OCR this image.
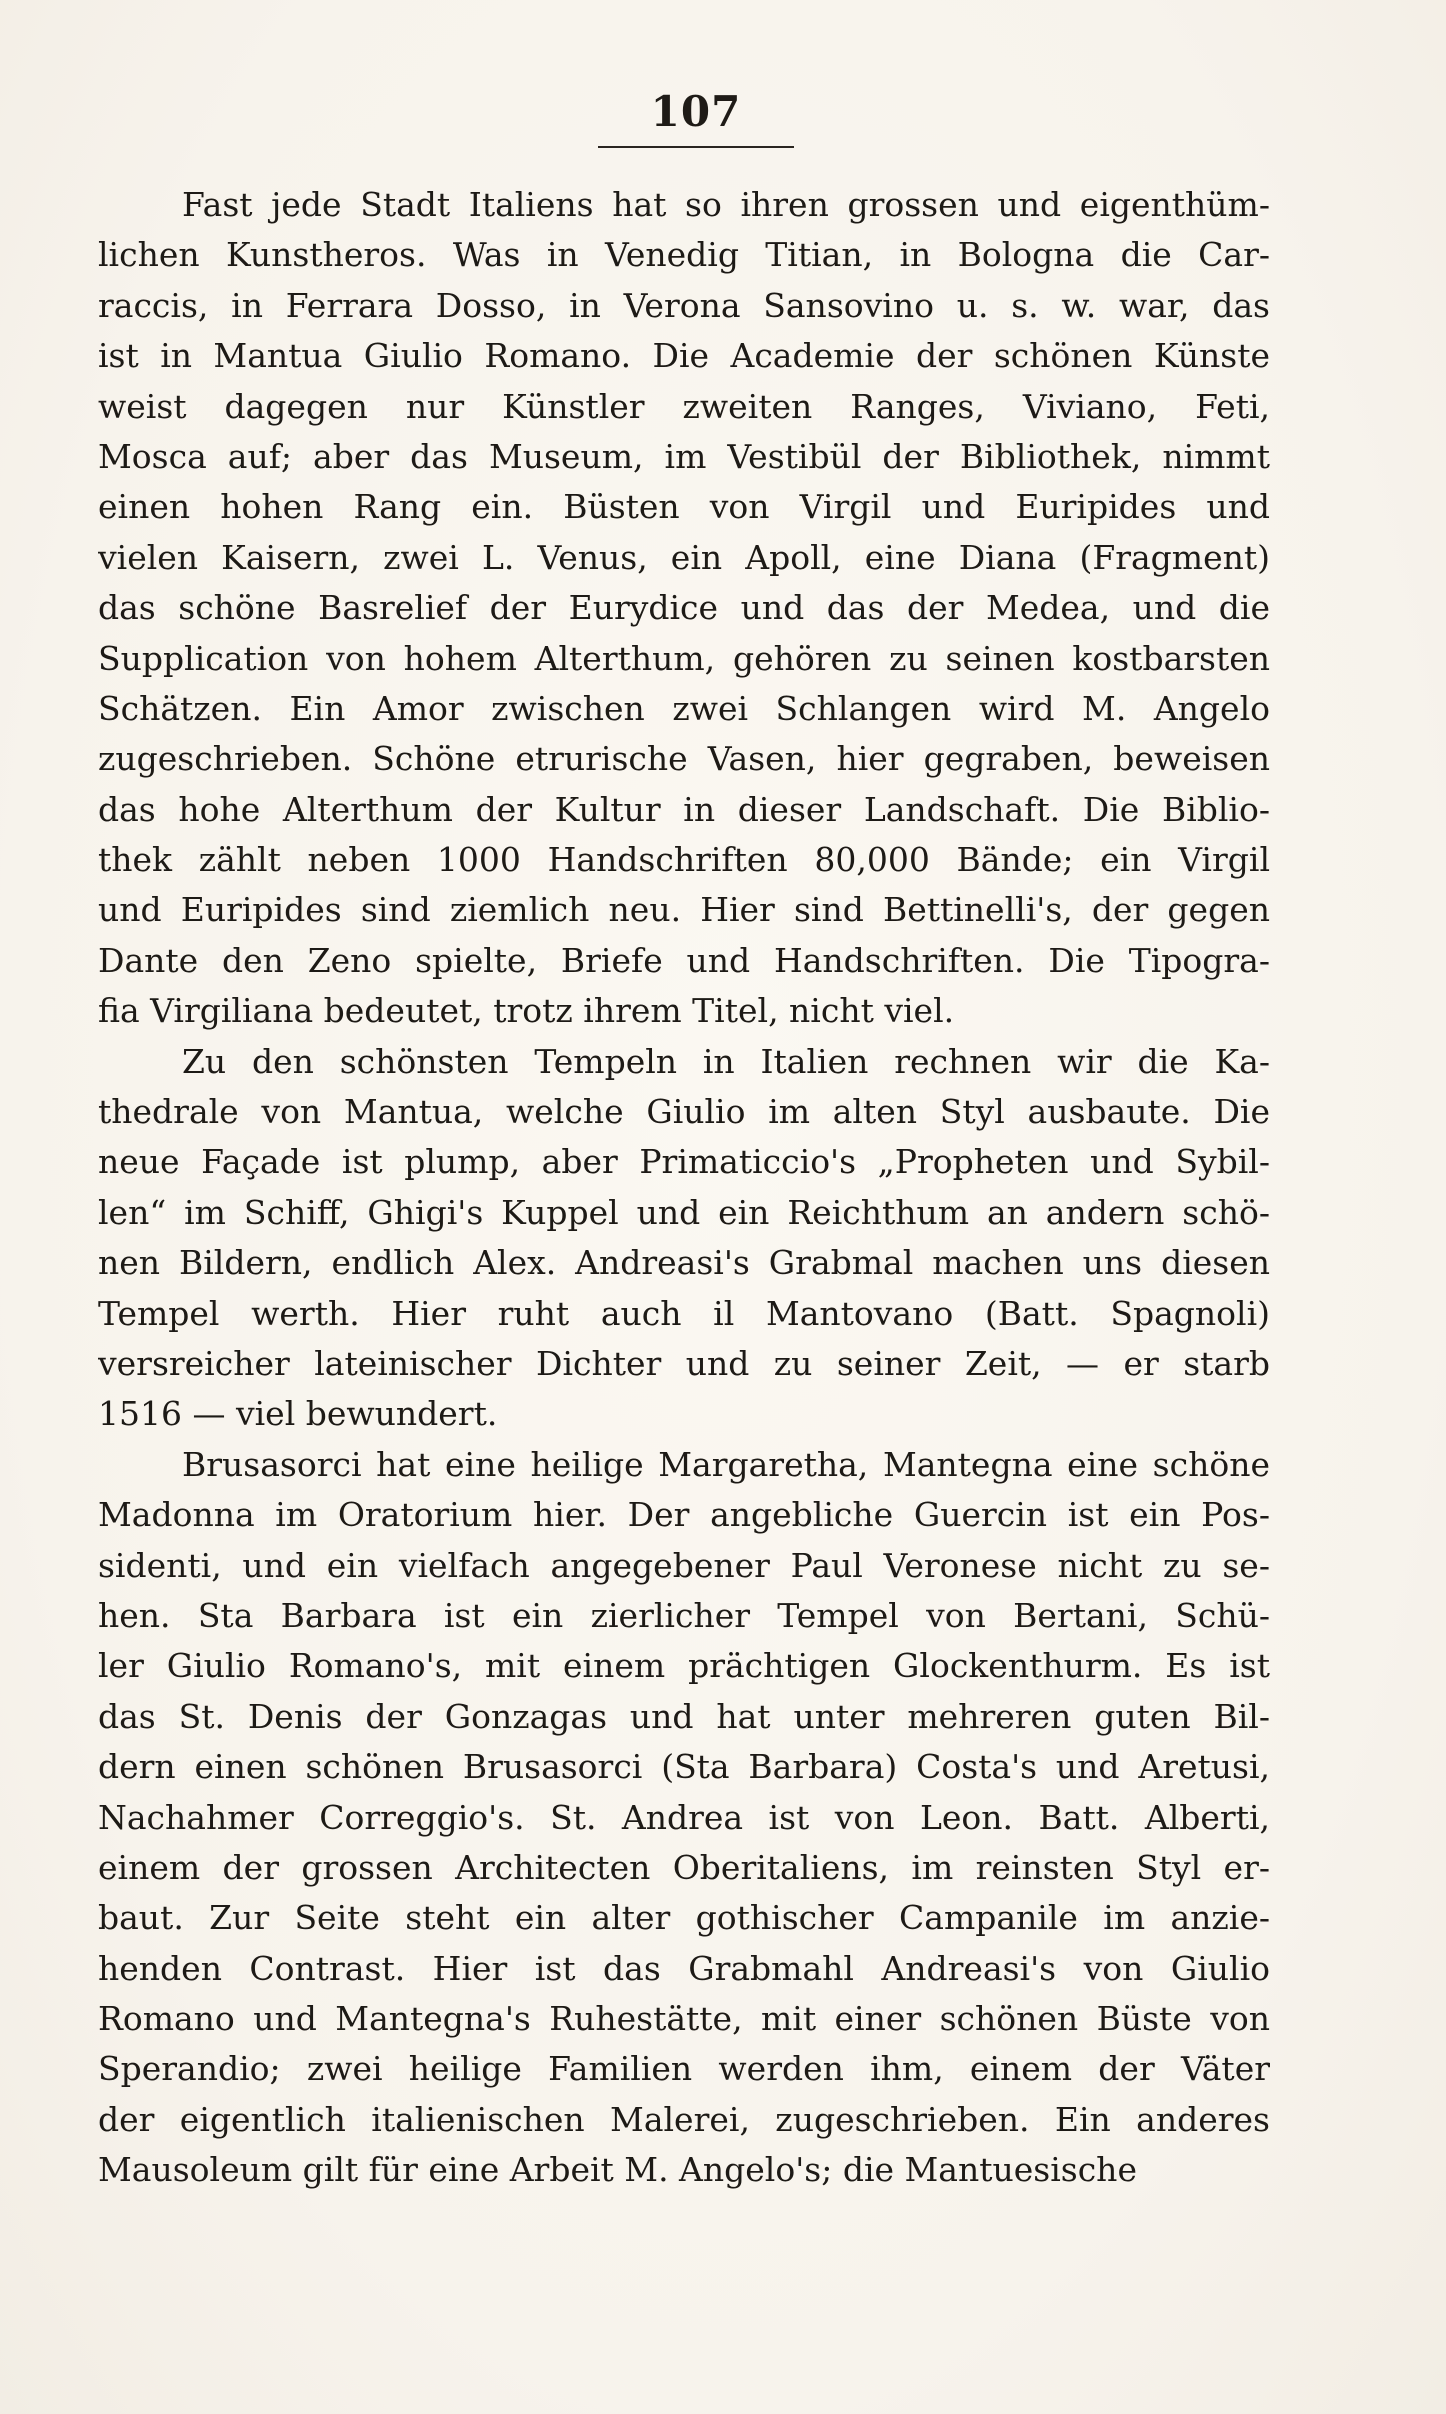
107
Fast jede Stadt Italiens hat so ihren grossen und eigenthüm-
lichen Kunstheros. Was in Venedig Titian, in Bologna die Car-
raccis, in Ferrara Dosso, in Verona Sansovino u. s. w. war, das
ist in Mantua Giulio Romano. Die Academie der schönen Künste
weist dagegen nur Künstler zweiten Ranges, Viviano, Feti,
Mosca auf; aber das Museum, im Vestibül der Bibliothek, nimmt
einen hohen Rang ein. Büsten von Virgil und Euripides und
vielen Kaisern, zwei L. Venus, ein Apoll, eine Diana (Fragment)
das schöne Basrelief der Eurydice und das der Medea, und die
Supplication von hohem Alterthum, gehören zu seinen kostbarsten
Schätzen. Ein Amor zwischen zwei Schlangen wird M. Angelo
zugeschrieben. Schöne etrurische Vasen, hier gegraben, beweisen
das hohe Alterthum der Kultur in dieser Landschaft. Die Biblio-
thek zählt neben 1000 Handschriften 80,000 Bände; ein Virgil
und Euripides sind ziemlich neu. Hier sind Bettinelli's, der gegen
Dante den Zeno spielte, Briefe und Handschriften. Die Tipogra-
fia Virgiliana bedeutet, trotz ihrem Titel, nicht viel.
Zu den schönsten Tempeln in Italien rechnen wir die Ka-
thedrale von Mantua, welche Giulio im alten Styl ausbaute. Die
neue Façade ist plump, aber Primaticcio's „Propheten und Sybil-
len“ im Schiff, Ghigi's Kuppel und ein Reichthum an andern schö-
nen Bildern, endlich Alex. Andreasi's Grabmal machen uns diesen
Tempel werth. Hier ruht auch il Mantovano (Batt. Spagnoli)
versreicher lateinischer Dichter und zu seiner Zeit, — er starb
1516 — viel bewundert.
Brusasorci hat eine heilige Margaretha, Mantegna eine schöne
Madonna im Oratorium hier. Der angebliche Guercin ist ein Pos-
sidenti, und ein vielfach angegebener Paul Veronese nicht zu se-
hen. Sta Barbara ist ein zierlicher Tempel von Bertani, Schü-
ler Giulio Romano's, mit einem prächtigen Glockenthurm. Es ist
das St. Denis der Gonzagas und hat unter mehreren guten Bil-
dern einen schönen Brusasorci (Sta Barbara) Costa's und Aretusi,
Nachahmer Correggio's. St. Andrea ist von Leon. Batt. Alberti,
einem der grossen Architecten Oberitaliens, im reinsten Styl er-
baut. Zur Seite steht ein alter gothischer Campanile im anzie-
henden Contrast. Hier ist das Grabmahl Andreasi's von Giulio
Romano und Mantegna's Ruhestätte, mit einer schönen Büste von
Sperandio; zwei heilige Familien werden ihm, einem der Väter
der eigentlich italienischen Malerei, zugeschrieben. Ein anderes
Mausoleum gilt für eine Arbeit M. Angelo's; die Mantuesische
